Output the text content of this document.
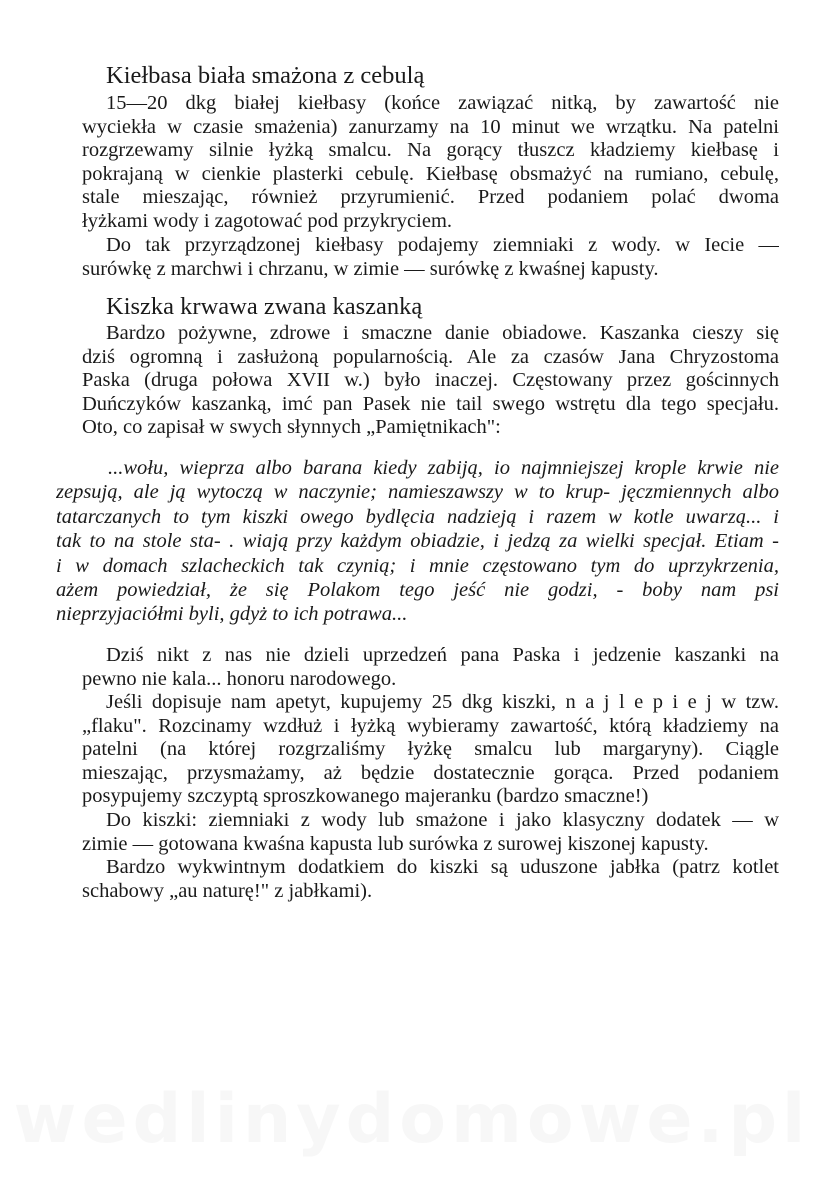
Kiełbasa biała smażona z cebulą
15—20 dkg białej kiełbasy (końce zawiązać nitką, by zawartość nie
wyciekła w czasie smażenia) zanurzamy na 10 minut we wrzątku. Na patelni
rozgrzewamy silnie łyżką smalcu. Na gorący tłuszcz kładziemy kiełbasę i
pokrajaną w cienkie plasterki cebulę. Kiełbasę obsmażyć na rumiano, cebulę,
stale mieszając, również przyrumienić. Przed podaniem polać dwoma
łyżkami wody i zagotować pod przykryciem.
Do tak przyrządzonej kiełbasy podajemy ziemniaki z wody. w Iecie —
surówkę z marchwi i chrzanu, w zimie — surówkę z kwaśnej kapusty.
Kiszka krwawa zwana kaszanką
Bardzo pożywne, zdrowe i smaczne danie obiadowe. Kaszanka cieszy się
dziś ogromną i zasłużoną popularnością. Ale za czasów Jana Chryzostoma
Paska (druga połowa XVII w.) było inaczej. Częstowany przez gościnnych
Duńczyków kaszanką, imć pan Pasek nie tail swego wstrętu dla tego specjału.
Oto, co zapisał w swych słynnych „Pamiętnikach":
...wołu, wieprza albo barana kiedy zabiją, io najmniejszej krople krwie nie
zepsują, ale ją wytoczą w naczynie; namieszawszy w to krup- jęczmiennych albo
tatarczanych to tym kiszki owego bydlęcia nadzieją i razem w kotle uwarzą... i
tak to na stole sta- . wiają przy każdym obiadzie, i jedzą za wielki specjał. Etiam -
i w domach szlacheckich tak czynią; i mnie częstowano tym do uprzykrzenia,
ażem powiedział, że się Polakom tego jeść nie godzi, - boby nam psi
nieprzyjaciółmi byli, gdyż to ich potrawa...
Dziś nikt z nas nie dzieli uprzedzeń pana Paska i jedzenie kaszanki na
pewno nie kala... honoru narodowego.
Jeśli dopisuje nam apetyt, kupujemy 25 dkg kiszki, n a j l e p i e j w tzw.
„flaku". Rozcinamy wzdłuż i łyżką wybieramy zawartość, którą kładziemy na
patelni (na której rozgrzaliśmy łyżkę smalcu lub margaryny). Ciągle
mieszając, przysmażamy, aż będzie dostatecznie gorąca. Przed podaniem
posypujemy szczyptą sproszkowanego majeranku (bardzo smaczne!)
Do kiszki: ziemniaki z wody lub smażone i jako klasyczny dodatek — w
zimie — gotowana kwaśna kapusta lub surówka z surowej kiszonej kapusty.
Bardzo wykwintnym dodatkiem do kiszki są uduszone jabłka (patrz kotlet
schabowy „au naturę!" z jabłkami).
wedlinydomowe.pl
